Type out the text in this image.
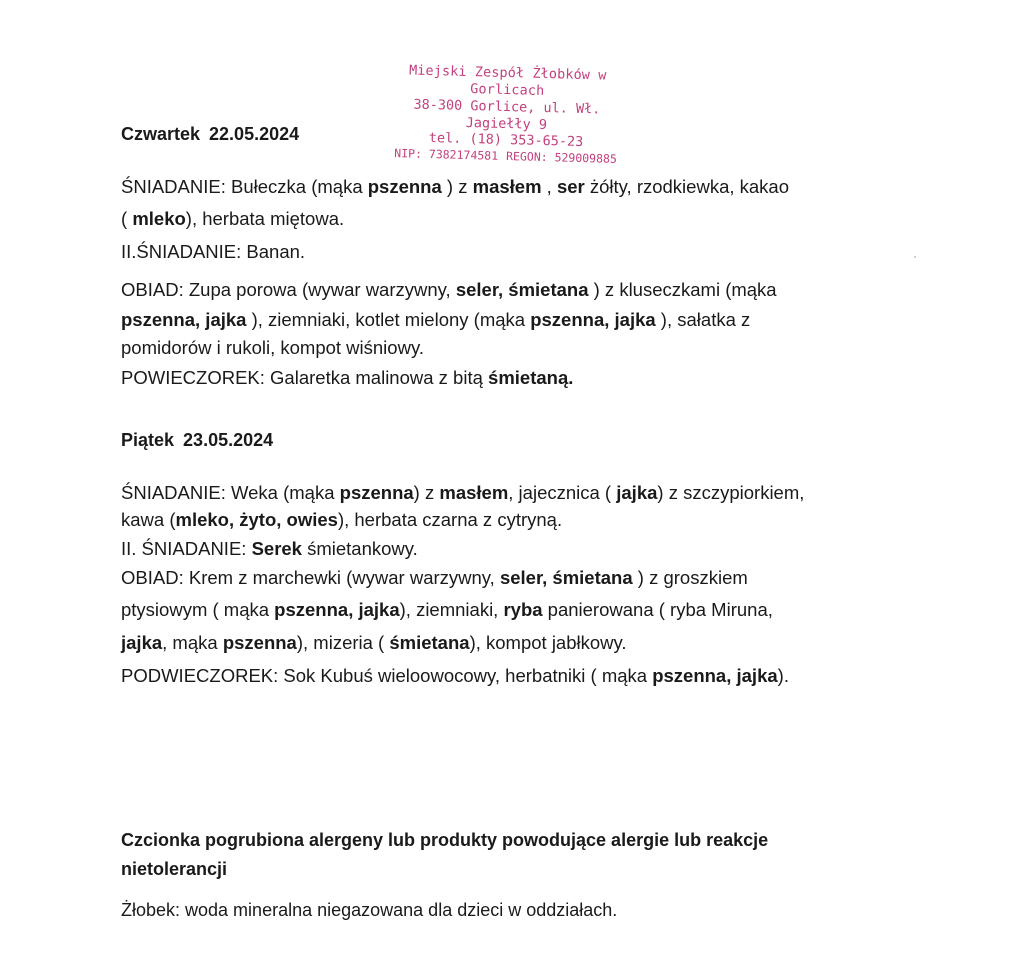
Miejski Zespół Żłobków w Gorlicach
38-300 Gorlice, ul. Wł. Jagiełły 9
tel. (18) 353-65-23
NIP: 7382174581 REGON: 529009885
Czwartek 22.05.2024
ŚNIADANIE: Bułeczka (mąka pszenna ) z masłem , ser żółty, rzodkiewka, kakao
( mleko), herbata miętowa.
II.ŚNIADANIE: Banan.
OBIAD: Zupa porowa (wywar warzywny, seler, śmietana ) z kluseczkami (mąka
pszenna, jajka ), ziemniaki, kotlet mielony (mąka pszenna, jajka ), sałatka z
pomidorów i rukoli, kompot wiśniowy.
POWIECZOREK: Galaretka malinowa z bitą śmietaną.
Piątek 23.05.2024
ŚNIADANIE: Weka (mąka pszenna) z masłem, jajecznica ( jajka) z szczypiorkiem,
kawa (mleko, żyto, owies), herbata czarna z cytryną.
II. ŚNIADANIE: Serek śmietankowy.
OBIAD: Krem z marchewki (wywar warzywny, seler, śmietana ) z groszkiem
ptysiowym ( mąka pszenna, jajka), ziemniaki, ryba panierowana ( ryba Miruna,
jajka, mąka pszenna), mizeria ( śmietana), kompot jabłkowy.
PODWIECZOREK: Sok Kubuś wieloowocowy, herbatniki ( mąka pszenna, jajka).
Czcionka pogrubiona alergeny lub produkty powodujące alergie lub reakcje
nietolerancji
Żłobek: woda mineralna niegazowana dla dzieci w oddziałach.
